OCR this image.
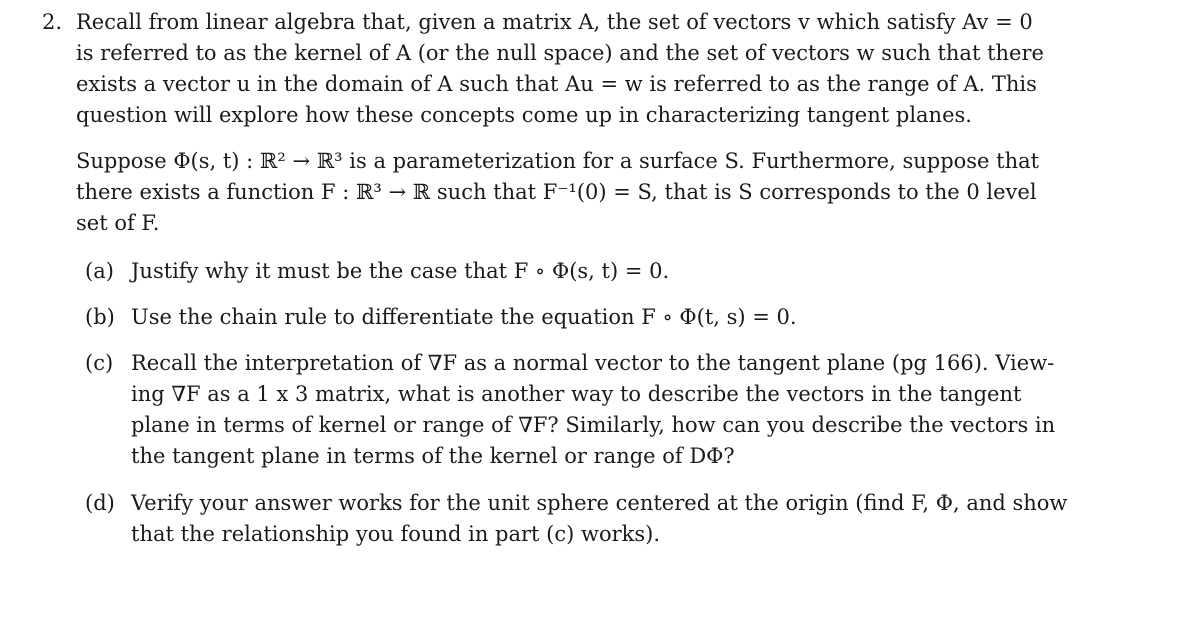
2. Recall from linear algebra that, given a matrix A, the set of vectors v which satisfy Av = 0
is referred to as the kernel of A (or the null space) and the set of vectors w such that there
exists a vector u in the domain of A such that Au = w is referred to as the range of A. This
question will explore how these concepts come up in characterizing tangent planes.
Suppose Φ(s, t) : ℝ² → ℝ³ is a parameterization for a surface S. Furthermore, suppose that
there exists a function F : ℝ³ → ℝ such that F⁻¹(0) = S, that is S corresponds to the 0 level
set of F.
(a) Justify why it must be the case that F ∘ Φ(s, t) = 0.
(b) Use the chain rule to differentiate the equation F ∘ Φ(t, s) = 0.
(c) Recall the interpretation of ∇F as a normal vector to the tangent plane (pg 166). View-
ing ∇F as a 1 x 3 matrix, what is another way to describe the vectors in the tangent
plane in terms of kernel or range of ∇F? Similarly, how can you describe the vectors in
the tangent plane in terms of the kernel or range of DΦ?
(d) Verify your answer works for the unit sphere centered at the origin (find F, Φ, and show
that the relationship you found in part (c) works).
